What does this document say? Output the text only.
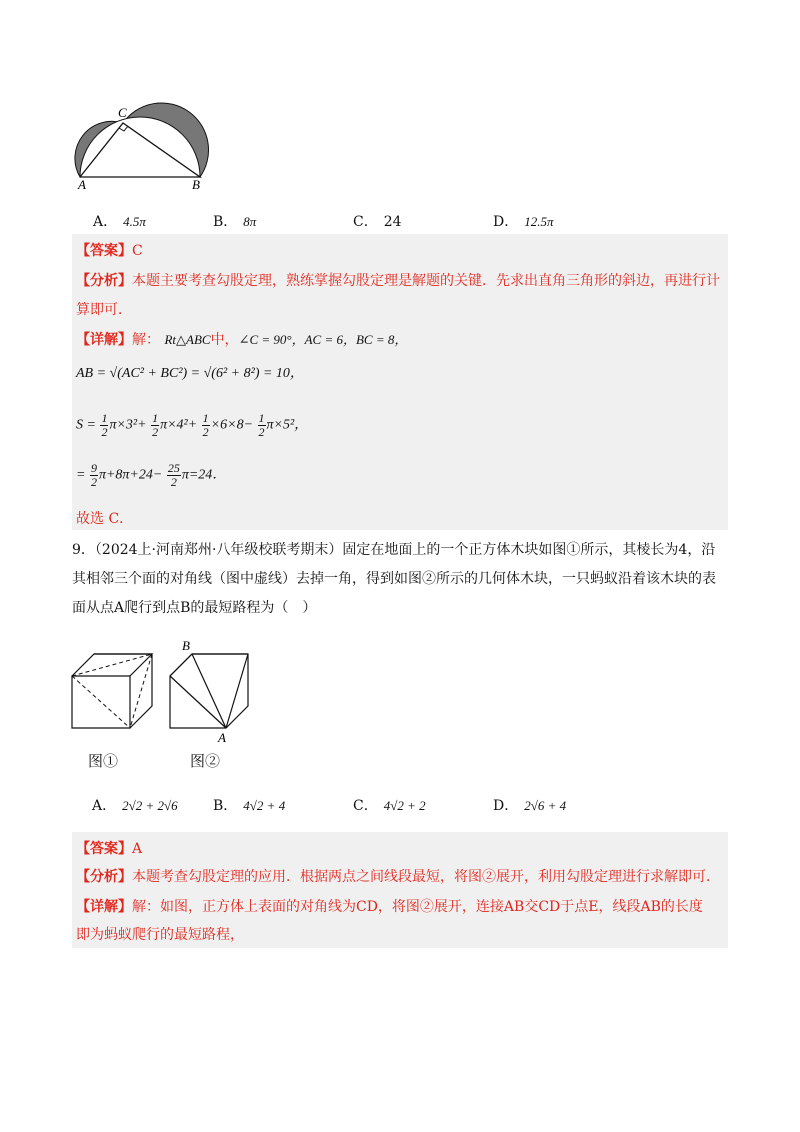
C
A	B
A． 4.5π	B． 8π	C． 24	D． 12.5π
【答案】C
【分析】本题主要考查勾股定理，熟练掌握勾股定理是解题的关键．先求出直角三角形的斜边，再进行计
算即可．
【详解】解： Rt△ABC中，∠C = 90°，AC = 6，BC = 8，
AB = √(AC² + BC²) = √(6² + 8²) = 10，
$S = \frac{1}{2} \pi\times 3^2+ \frac{1}{2} \pi\times 4^2+ \frac{1}{2} \times 6\times 8- \frac{1}{2} \pi\times 5^2$，
= $\frac{9}{2} \pi+8\pi+24- \frac{25}{2} \pi=24$．
故选 C．
9．（2024上·河南郑州·八年级校联考期末）固定在地面上的一个正方体木块如图①所示，其棱长为4，沿
其相邻三个面的对角线（图中虚线）去掉一角，得到如图②所示的几何体木块，一只蚂蚁沿着该木块的表
面从点A爬行到点B的最短路程为（　）
B
A
图①	图②
A． 2√2 + 2√6	B． 4√2 + 4	C． 4√2 + 2	D． 2√6 + 4
【答案】A
【分析】本题考查勾股定理的应用．根据两点之间线段最短，将图②展开，利用勾股定理进行求解即可．
【详解】解：如图，正方体上表面的对角线为CD，将图②展开，连接AB交CD于点E，线段AB的长度
即为蚂蚁爬行的最短路程，
